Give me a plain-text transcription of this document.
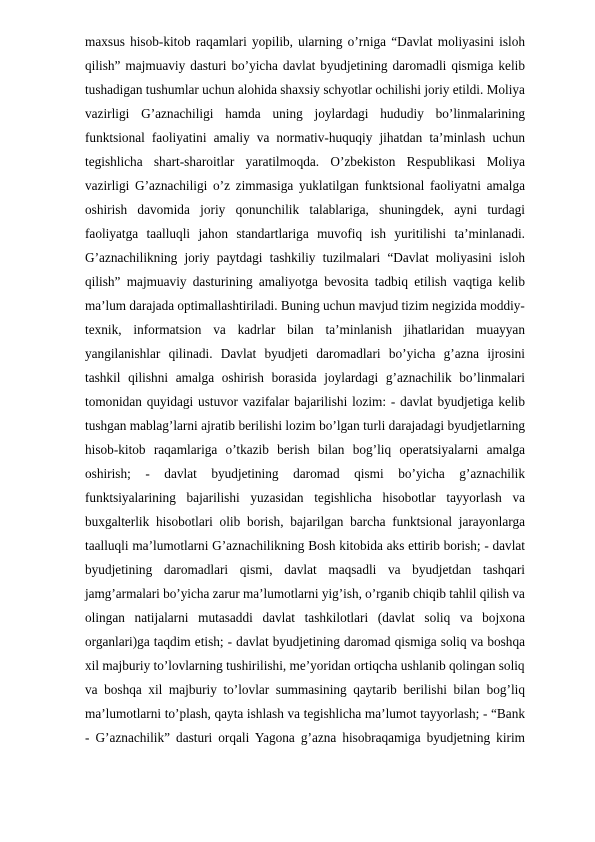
maxsus hisob-kitob raqamlari yopilib, ularning o’rniga “Davlat moliyasini isloh
qilish” majmuaviy dasturi bo’yicha davlat byudjetining daromadli qismiga kelib
tushadigan tushumlar uchun alohida shaxsiy schyotlar ochilishi joriy etildi. Moliya
vazirligi G’aznachiligi hamda uning joylardagi hududiy bo’linmalarining
funktsional faoliyatini amaliy va normativ-huquqiy jihatdan ta’minlash uchun
tegishlicha shart-sharoitlar yaratilmoqda. O’zbekiston Respublikasi Moliya
vazirligi G’aznachiligi o’z zimmasiga yuklatilgan funktsional faoliyatni amalga
oshirish davomida joriy qonunchilik talablariga, shuningdek, ayni turdagi
faoliyatga taalluqli jahon standartlariga muvofiq ish yuritilishi ta’minlanadi.
G’aznachilikning joriy paytdagi tashkiliy tuzilmalari “Davlat moliyasini isloh
qilish” majmuaviy dasturining amaliyotga bevosita tadbiq etilish vaqtiga kelib
ma’lum darajada optimallashtiriladi. Buning uchun mavjud tizim negizida moddiy-
texnik, informatsion va kadrlar bilan ta’minlanish jihatlaridan muayyan
yangilanishlar qilinadi. Davlat byudjeti daromadlari bo’yicha g’azna ijrosini
tashkil qilishni amalga oshirish borasida joylardagi g’aznachilik bo’linmalari
tomonidan quyidagi ustuvor vazifalar bajarilishi lozim: - davlat byudjetiga kelib
tushgan mablag’larni ajratib berilishi lozim bo’lgan turli darajadagi byudjetlarning
hisob-kitob raqamlariga o’tkazib berish bilan bog’liq operatsiyalarni amalga
oshirish; - davlat byudjetining daromad qismi bo’yicha g’aznachilik
funktsiyalarining bajarilishi yuzasidan tegishlicha hisobotlar tayyorlash va
buxgalterlik hisobotlari olib borish, bajarilgan barcha funktsional jarayonlarga
taalluqli ma’lumotlarni G’aznachilikning Bosh kitobida aks ettirib borish; - davlat
byudjetining daromadlari qismi, davlat maqsadli va byudjetdan tashqari
jamg’armalari bo’yicha zarur ma’lumotlarni yig’ish, o’rganib chiqib tahlil qilish va
olingan natijalarni mutasaddi davlat tashkilotlari (davlat soliq va bojxona
organlari)ga taqdim etish; - davlat byudjetining daromad qismiga soliq va boshqa
xil majburiy to’lovlarning tushirilishi, me’yoridan ortiqcha ushlanib qolingan soliq
va boshqa xil majburiy to’lovlar summasining qaytarib berilishi bilan bog’liq
ma’lumotlarni to’plash, qayta ishlash va tegishlicha ma’lumot tayyorlash; - “Bank
- G’aznachilik” dasturi orqali Yagona g’azna hisobraqamiga byudjetning kirim
